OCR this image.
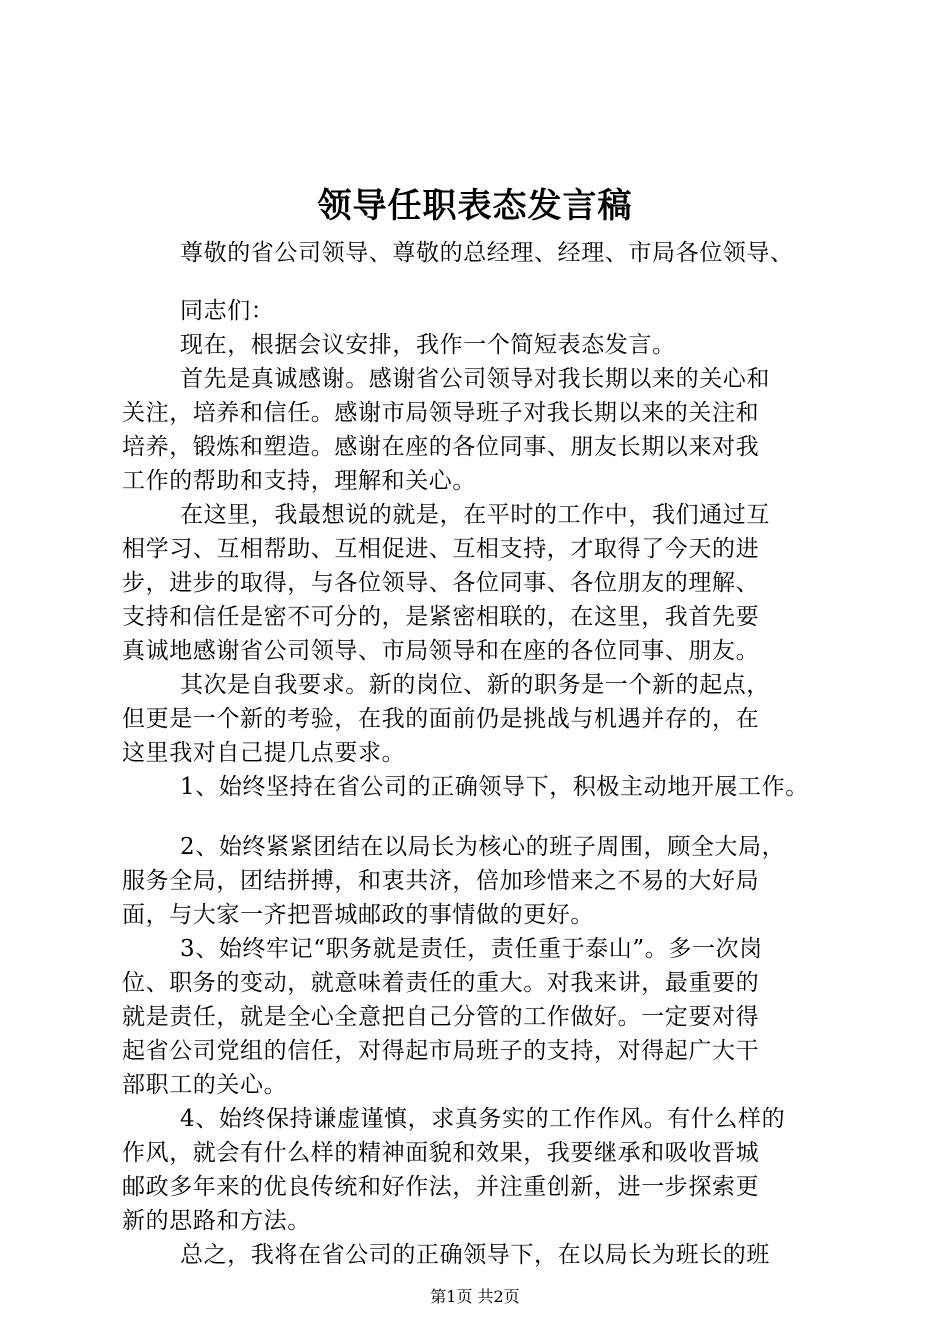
领导任职表态发言稿
尊敬的省公司领导、尊敬的总经理、经理、市局各位领导、
同志们：
现在，根据会议安排，我作一个简短表态发言。
首先是真诚感谢。感谢省公司领导对我长期以来的关心和
关注，培养和信任。感谢市局领导班子对我长期以来的关注和
培养，锻炼和塑造。感谢在座的各位同事、朋友长期以来对我
工作的帮助和支持，理解和关心。
在这里，我最想说的就是，在平时的工作中，我们通过互
相学习、互相帮助、互相促进、互相支持，才取得了今天的进
步，进步的取得，与各位领导、各位同事、各位朋友的理解、
支持和信任是密不可分的，是紧密相联的，在这里，我首先要
真诚地感谢省公司领导、市局领导和在座的各位同事、朋友。
其次是自我要求。新的岗位、新的职务是一个新的起点，
但更是一个新的考验，在我的面前仍是挑战与机遇并存的，在
这里我对自己提几点要求。
1、始终坚持在省公司的正确领导下，积极主动地开展工作。
2、始终紧紧团结在以局长为核心的班子周围，顾全大局，
服务全局，团结拼搏，和衷共济，倍加珍惜来之不易的大好局
面，与大家一齐把晋城邮政的事情做的更好。
3、始终牢记“职务就是责任，责任重于泰山”。多一次岗
位、职务的变动，就意味着责任的重大。对我来讲，最重要的
就是责任，就是全心全意把自己分管的工作做好。一定要对得
起省公司党组的信任，对得起市局班子的支持，对得起广大干
部职工的关心。
4、始终保持谦虚谨慎，求真务实的工作作风。有什么样的
作风，就会有什么样的精神面貌和效果，我要继承和吸收晋城
邮政多年来的优良传统和好作法，并注重创新，进一步探索更
新的思路和方法。
总之，我将在省公司的正确领导下，在以局长为班长的班
第1页 共2页
